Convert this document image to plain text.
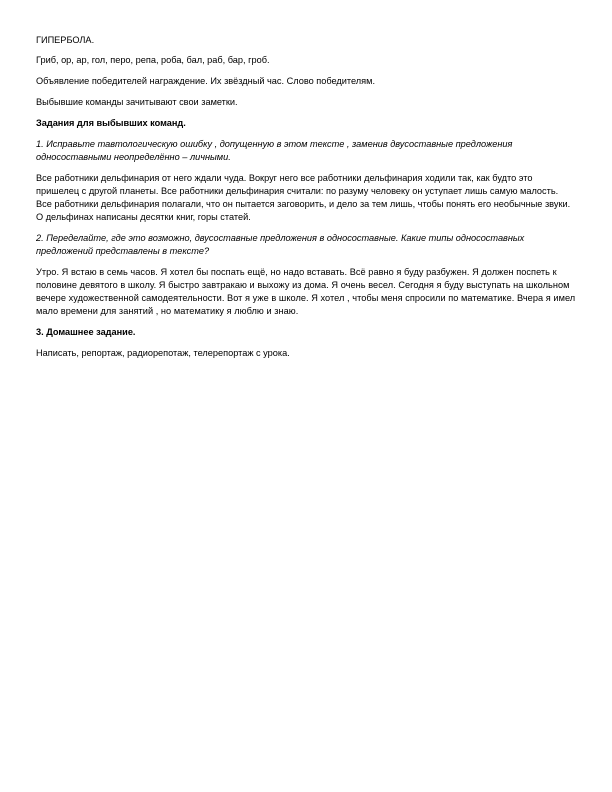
ГИПЕРБОЛА.

Гриб, ор, ар, гол, перо, репа, роба, бал, раб, бар, гроб.

Объявление победителей награждение. Их звёздный час. Слово победителям.

Выбывшие команды зачитывают свои заметки.

Задания для выбывших команд.

1. Исправьте тавтологическую ошибку , допущенную в этом тексте , заменив двусоставные предложения односоставными неопределённо – личными.

Все работники дельфинария от него ждали чуда. Вокруг него все работники дельфинария ходили так, как будто это пришелец с другой планеты. Все работники дельфинария считали: по разуму человеку он уступает лишь самую малость. Все работники дельфинария полагали, что он пытается заговорить, и дело за тем лишь, чтобы понять его необычные звуки. О дельфинах написаны десятки книг, горы статей.

2. Переделайте, где это возможно, двусоставные предложения в односоставные. Какие типы односоставных предложений представлены в тексте?

Утро. Я встаю в семь часов. Я хотел бы поспать ещё, но надо вставать. Всё равно я буду разбужен. Я должен поспеть к половине девятого в школу. Я быстро завтракаю и выхожу из дома. Я очень весел. Сегодня я буду выступать на школьном вечере художественной самодеятельности. Вот я уже в школе. Я хотел , чтобы меня спросили по математике. Вчера я имел мало времени для занятий , но математику я люблю и знаю.

3. Домашнее задание.

Написать, репортаж, радиорепотаж, телерепортаж с урока.
